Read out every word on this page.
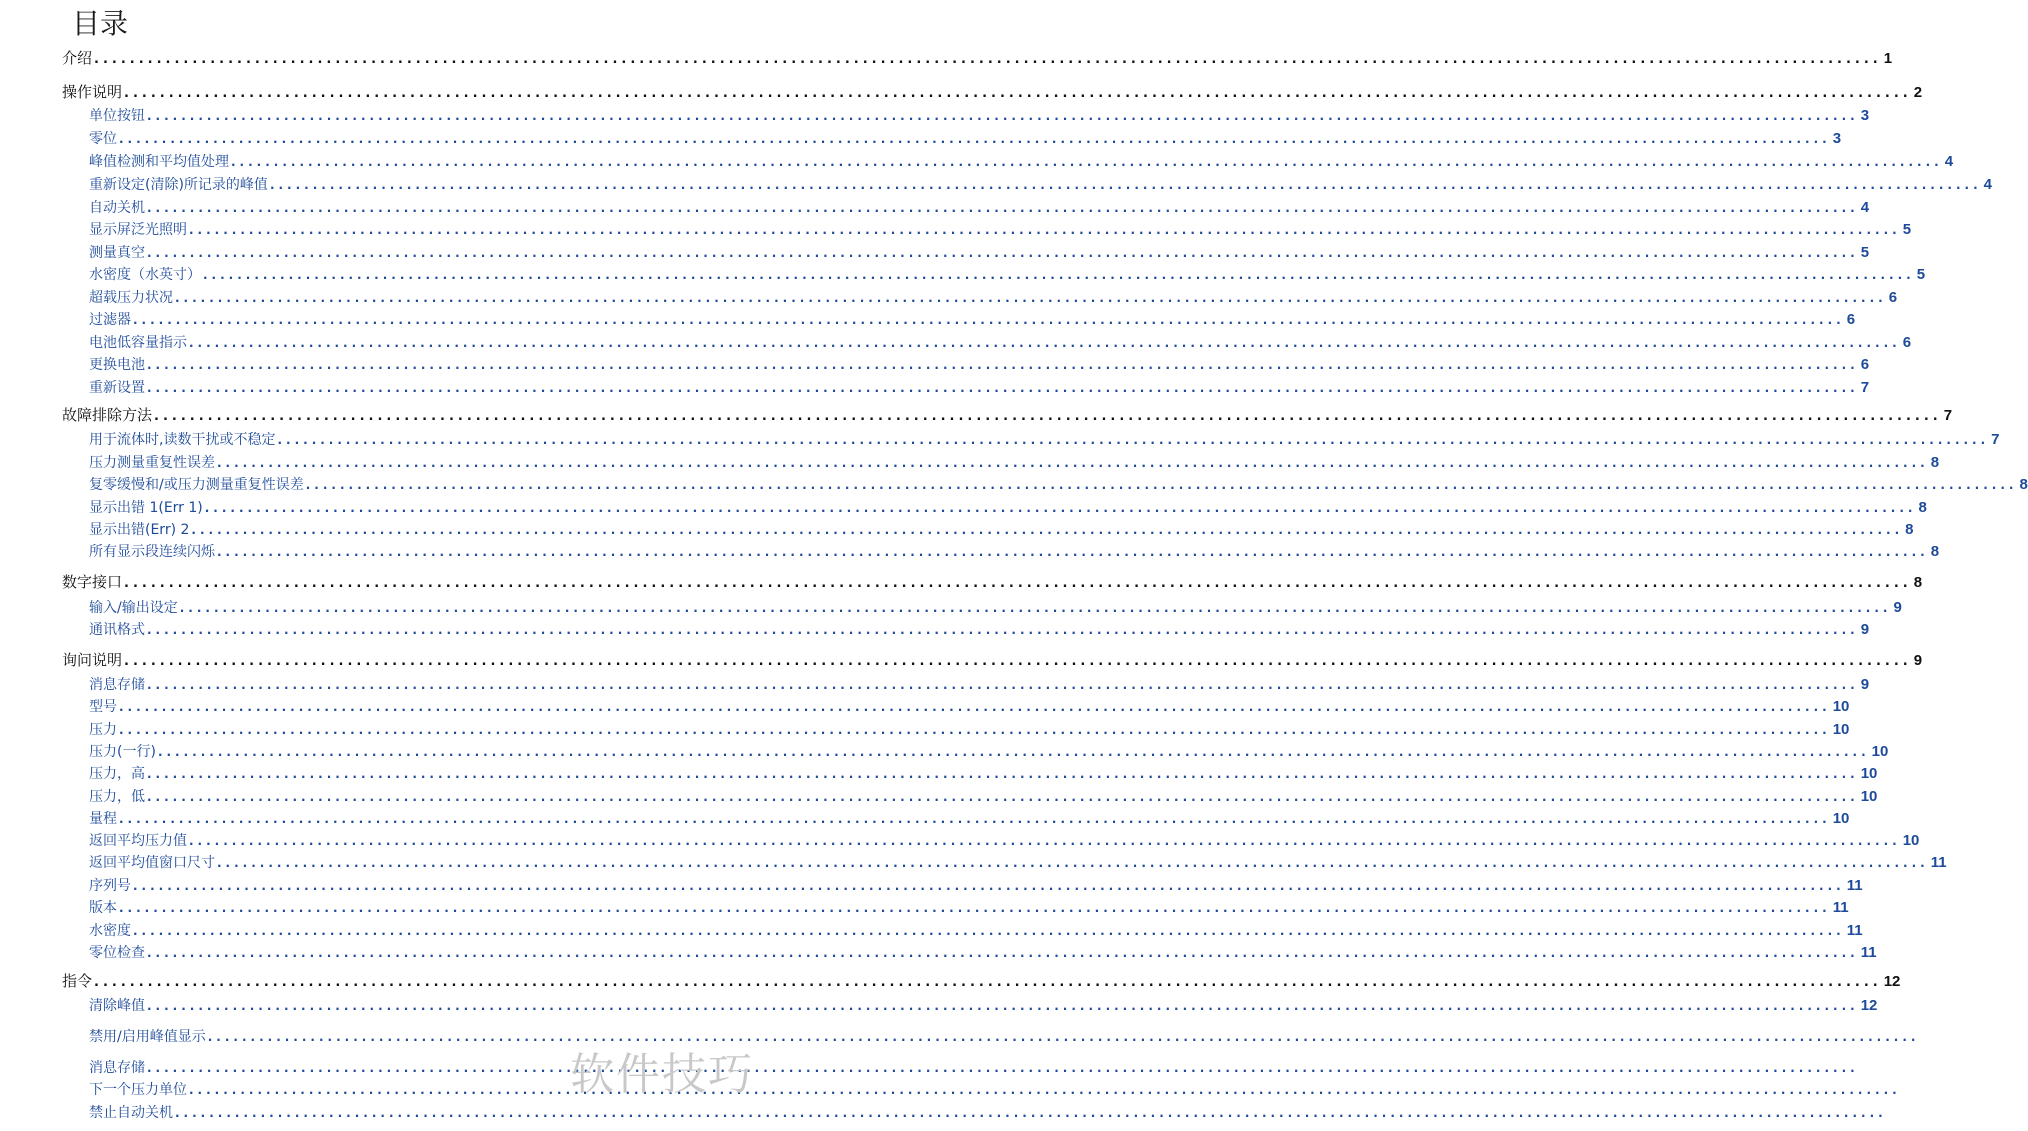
目录
介绍 ........................................................................................................................................................................................................ 1
操作说明 ........................................................................................................................................................................................................ 2
单位按钮 ........................................................................................................................................................................................................ 3
零位 ........................................................................................................................................................................................................ 3
峰值检测和平均值处理 ........................................................................................................................................................................................................ 4
重新设定(清除)所记录的峰值 ........................................................................................................................................................................................................ 4
自动关机 ........................................................................................................................................................................................................ 4
显示屏泛光照明 ........................................................................................................................................................................................................ 5
测量真空 ........................................................................................................................................................................................................ 5
水密度（水英寸） ........................................................................................................................................................................................................ 5
超载压力状况 ........................................................................................................................................................................................................ 6
过滤器 ........................................................................................................................................................................................................ 6
电池低容量指示 ........................................................................................................................................................................................................ 6
更换电池 ........................................................................................................................................................................................................ 6
重新设置 ........................................................................................................................................................................................................ 7
故障排除方法 ........................................................................................................................................................................................................ 7
用于流体时,读数干扰或不稳定 ........................................................................................................................................................................................................ 7
压力测量重复性误差 ........................................................................................................................................................................................................ 8
复零缓慢和/或压力测量重复性误差 ........................................................................................................................................................................................................ 8
显示出错 1(Err 1) ........................................................................................................................................................................................................ 8
显示出错(Err) 2 ........................................................................................................................................................................................................ 8
所有显示段连续闪烁 ........................................................................................................................................................................................................ 8
数字接口 ........................................................................................................................................................................................................ 8
输入/输出设定 ........................................................................................................................................................................................................ 9
通讯格式 ........................................................................................................................................................................................................ 9
询问说明 ........................................................................................................................................................................................................ 9
消息存储 ........................................................................................................................................................................................................ 9
型号 ........................................................................................................................................................................................................ 10
压力 ........................................................................................................................................................................................................ 10
压力(一行) ........................................................................................................................................................................................................ 10
压力，高 ........................................................................................................................................................................................................ 10
压力，低 ........................................................................................................................................................................................................ 10
量程 ........................................................................................................................................................................................................ 10
返回平均压力值 ........................................................................................................................................................................................................ 10
返回平均值窗口尺寸 ........................................................................................................................................................................................................ 11
序列号 ........................................................................................................................................................................................................ 11
版本 ........................................................................................................................................................................................................ 11
水密度 ........................................................................................................................................................................................................ 11
零位检查 ........................................................................................................................................................................................................ 11
指令 ........................................................................................................................................................................................................ 12
清除峰值 ........................................................................................................................................................................................................ 12
禁用/启用峰值显示 ........................................................................................................................................................................................................
消息存储 ........................................................................................................................................................................................................
下一个压力单位 ........................................................................................................................................................................................................
禁止自动关机 ........................................................................................................................................................................................................
软件技巧
